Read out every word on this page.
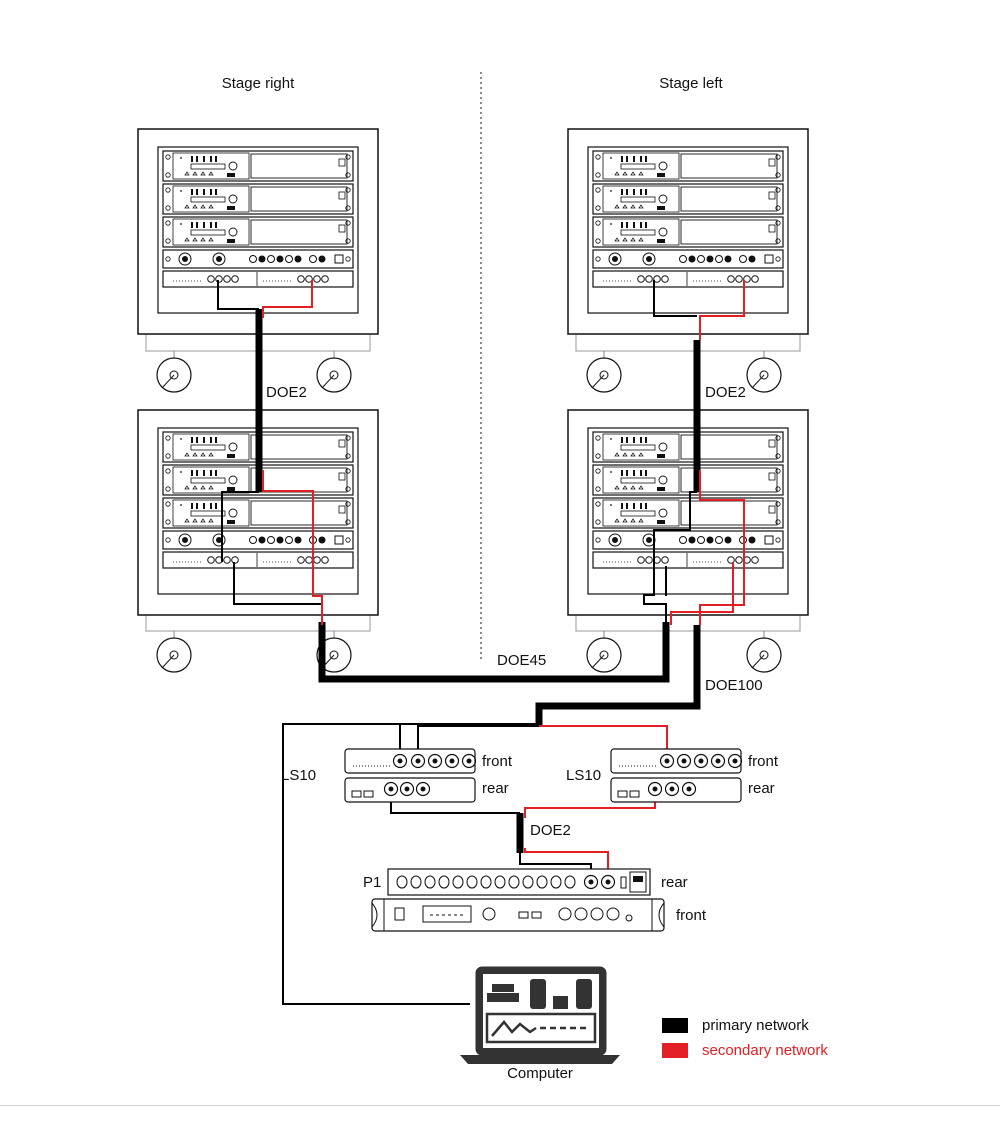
Stage right	Stage left
front
rear
LS10
front
rear
LS10
P1	rear
front
DOE2	DOE2
DOE45
DOE100
DOE2
Computer
primary network
secondary network
